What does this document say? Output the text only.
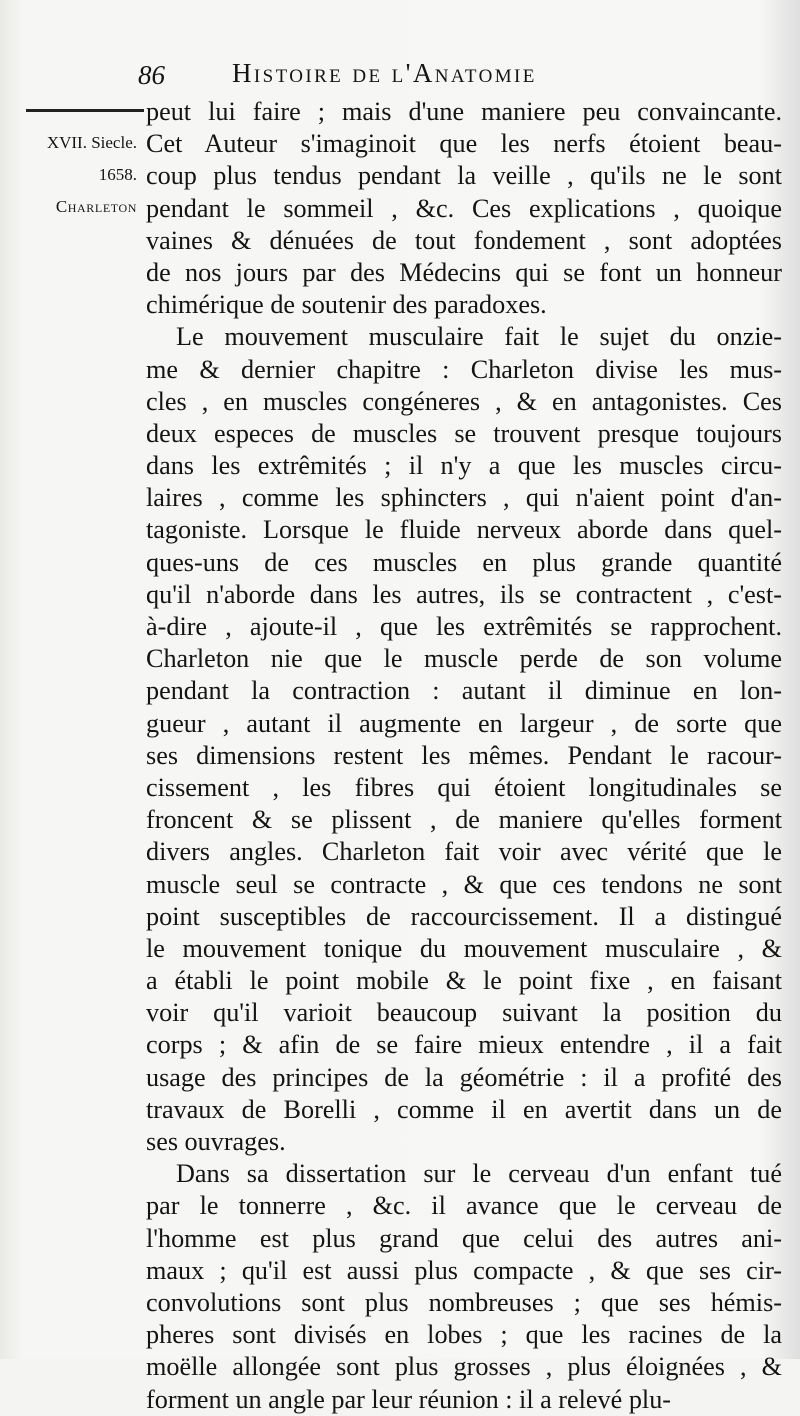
86 Histoire de l'Anatomie
XVII. Siecle.
1658.
Charleton
peut lui faire ; mais d'une maniere peu convaincante.
Cet Auteur s'imaginoit que les nerfs étoient beau-
coup plus tendus pendant la veille , qu'ils ne le sont
pendant le sommeil , &c. Ces explications , quoique
vaines & dénuées de tout fondement , sont adoptées
de nos jours par des Médecins qui se font un honneur
chimérique de soutenir des paradoxes.
Le mouvement musculaire fait le sujet du onzie-
me & dernier chapitre : Charleton divise les mus-
cles , en muscles congéneres , & en antagonistes. Ces
deux especes de muscles se trouvent presque toujours
dans les extrêmités ; il n'y a que les muscles circu-
laires , comme les sphincters , qui n'aient point d'an-
tagoniste. Lorsque le fluide nerveux aborde dans quel-
ques-uns de ces muscles en plus grande quantité
qu'il n'aborde dans les autres, ils se contractent , c'est-
à-dire , ajoute-il , que les extrêmités se rapprochent.
Charleton nie que le muscle perde de son volume
pendant la contraction : autant il diminue en lon-
gueur , autant il augmente en largeur , de sorte que
ses dimensions restent les mêmes. Pendant le racour-
cissement , les fibres qui étoient longitudinales se
froncent & se plissent , de maniere qu'elles forment
divers angles. Charleton fait voir avec vérité que le
muscle seul se contracte , & que ces tendons ne sont
point susceptibles de raccourcissement. Il a distingué
le mouvement tonique du mouvement musculaire , &
a établi le point mobile & le point fixe , en faisant
voir qu'il varioit beaucoup suivant la position du
corps ; & afin de se faire mieux entendre , il a fait
usage des principes de la géométrie : il a profité des
travaux de Borelli , comme il en avertit dans un de
ses ouvrages.
Dans sa dissertation sur le cerveau d'un enfant tué
par le tonnerre , &c. il avance que le cerveau de
l'homme est plus grand que celui des autres ani-
maux ; qu'il est aussi plus compacte , & que ses cir-
convolutions sont plus nombreuses ; que ses hémis-
pheres sont divisés en lobes ; que les racines de la
moëlle allongée sont plus grosses , plus éloignées , &
forment un angle par leur réunion : il a relevé plu-
